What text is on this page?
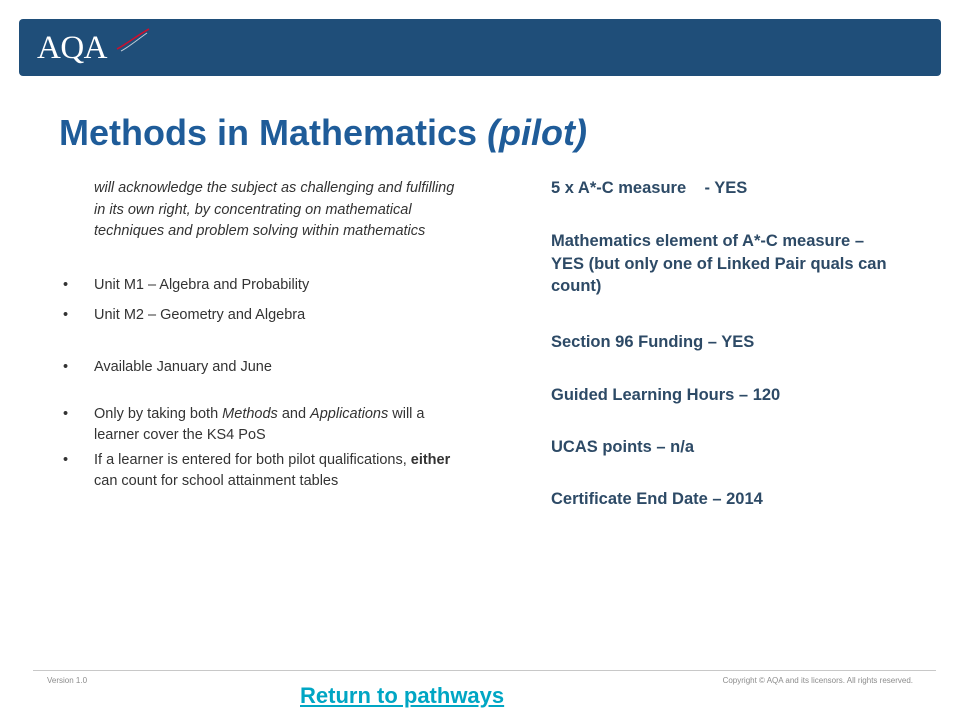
AQA
Methods in Mathematics (pilot)

will acknowledge the subject as challenging and fulfilling in its own right, by concentrating on mathematical techniques and problem solving within mathematics

• Unit M1 – Algebra and Probability
• Unit M2 – Geometry and Algebra
• Available January and June
• Only by taking both Methods and Applications will a learner cover the KS4 PoS
• If a learner is entered for both pilot qualifications, either can count for school attainment tables

5 x A*-C measure    - YES

Mathematics element of A*-C measure – YES (but only one of Linked Pair quals can count)

Section 96 Funding – YES

Guided Learning Hours – 120

UCAS points – n/a

Certificate End Date – 2014

Version 1.0	Copyright © AQA and its licensors. All rights reserved.
Return to pathways
